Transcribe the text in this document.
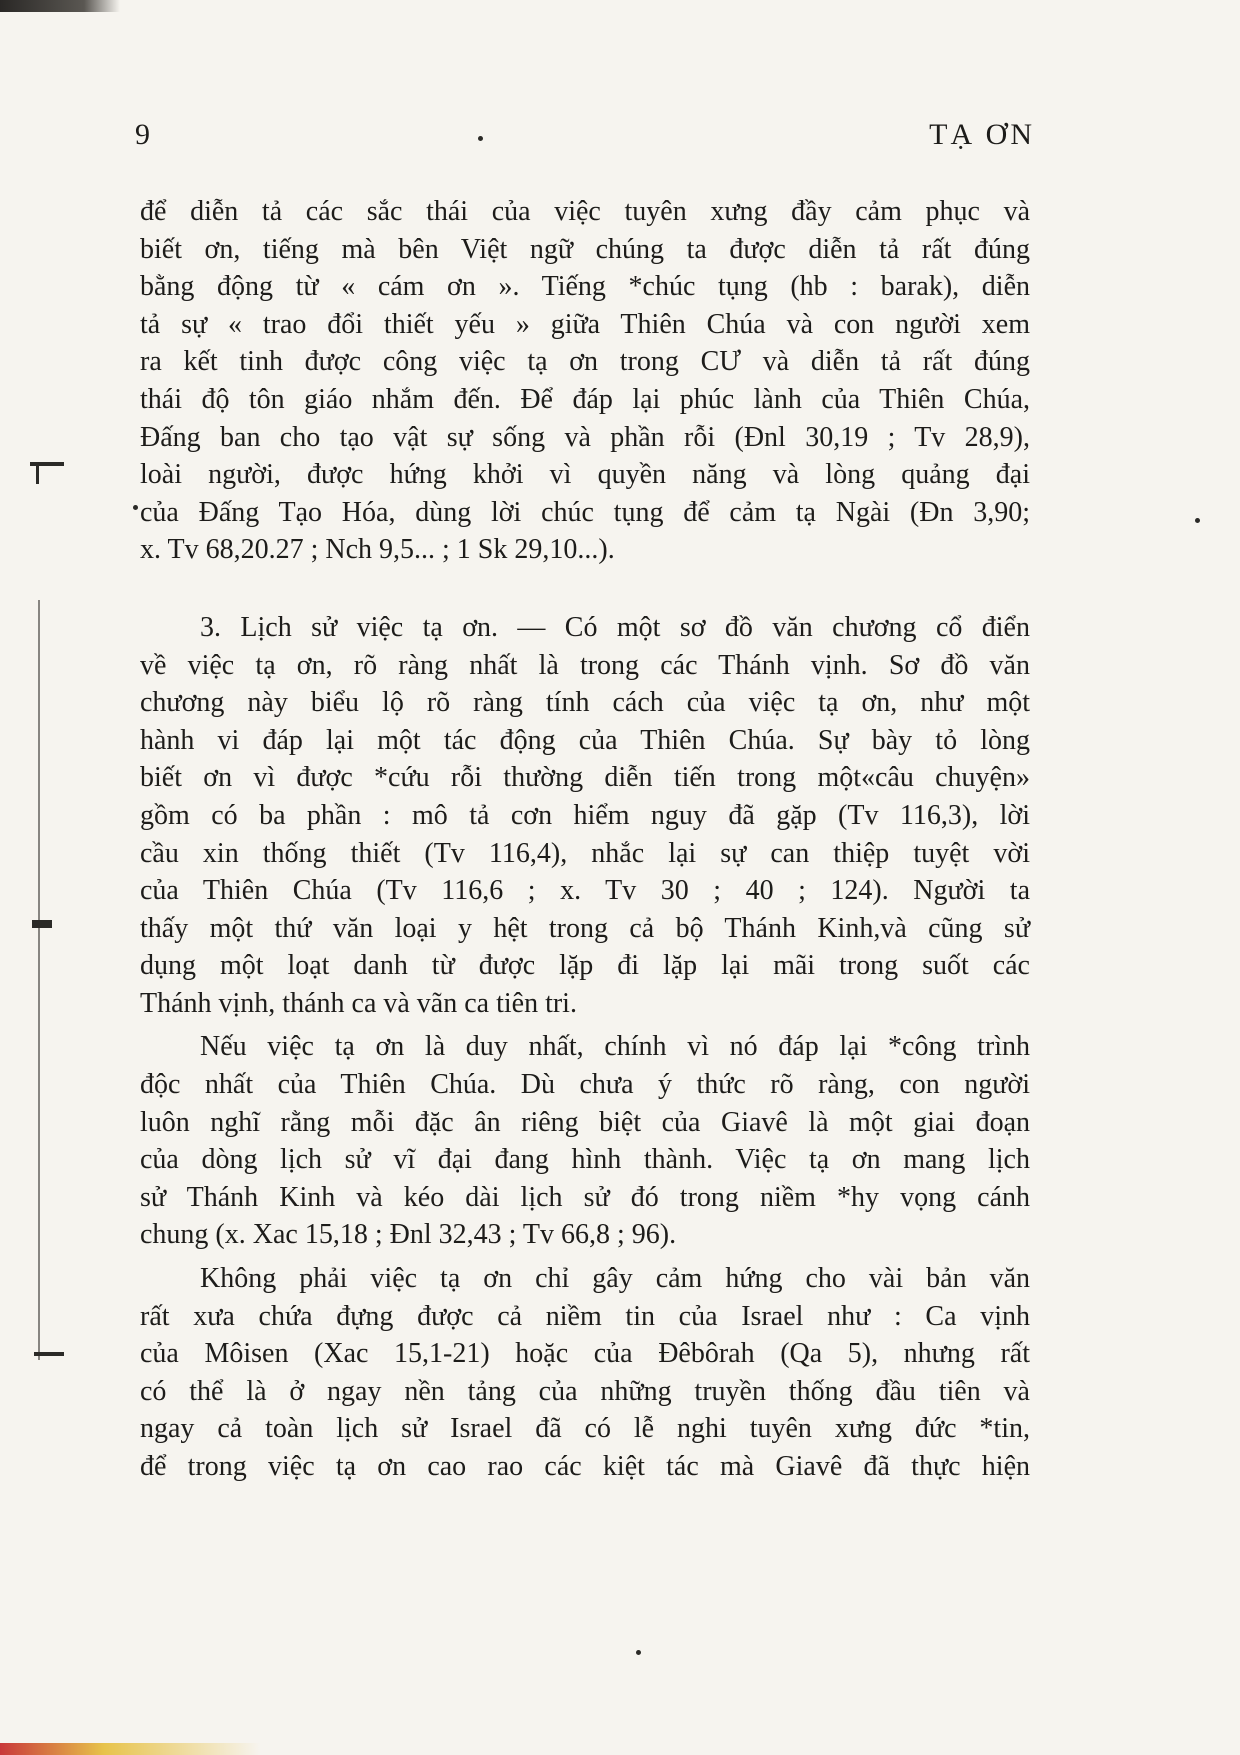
9	TẠ ƠN
để diễn tả các sắc thái của việc tuyên xưng đầy cảm phục và
biết ơn, tiếng mà bên Việt ngữ chúng ta được diễn tả rất đúng
bằng động từ « cám ơn ». Tiếng *chúc tụng (hb : barak), diễn
tả sự « trao đổi thiết yếu » giữa Thiên Chúa và con người xem
ra kết tinh được công việc tạ ơn trong CƯ và diễn tả rất đúng
thái độ tôn giáo nhắm đến. Để đáp lại phúc lành của Thiên Chúa,
Đấng ban cho tạo vật sự sống và phần rỗi (Đnl 30,19 ; Tv 28,9),
loài người, được hứng khởi vì quyền năng và lòng quảng đại
của Đấng Tạo Hóa, dùng lời chúc tụng để cảm tạ Ngài (Đn 3,90;
x. Tv 68,20.27 ; Nch 9,5... ; 1 Sk 29,10...).
3. Lịch sử việc tạ ơn. — Có một sơ đồ văn chương cổ điển
về việc tạ ơn, rõ ràng nhất là trong các Thánh vịnh. Sơ đồ văn
chương này biểu lộ rõ ràng tính cách của việc tạ ơn, như một
hành vi đáp lại một tác động của Thiên Chúa. Sự bày tỏ lòng
biết ơn vì được *cứu rỗi thường diễn tiến trong một«câu chuyện»
gồm có ba phần : mô tả cơn hiểm nguy đã gặp (Tv 116,3), lời
cầu xin thống thiết (Tv 116,4), nhắc lại sự can thiệp tuyệt vời
của Thiên Chúa (Tv 116,6 ; x. Tv 30 ; 40 ; 124). Người ta
thấy một thứ văn loại y hệt trong cả bộ Thánh Kinh,và cũng sử
dụng một loạt danh từ được lặp đi lặp lại mãi trong suốt các
Thánh vịnh, thánh ca và vãn ca tiên tri.
Nếu việc tạ ơn là duy nhất, chính vì nó đáp lại *công trình
độc nhất của Thiên Chúa. Dù chưa ý thức rõ ràng, con người
luôn nghĩ rằng mỗi đặc ân riêng biệt của Giavê là một giai đoạn
của dòng lịch sử vĩ đại đang hình thành. Việc tạ ơn mang lịch
sử Thánh Kinh và kéo dài lịch sử đó trong niềm *hy vọng cánh
chung (x. Xac 15,18 ; Đnl 32,43 ; Tv 66,8 ; 96).
Không phải việc tạ ơn chỉ gây cảm hứng cho vài bản văn
rất xưa chứa đựng được cả niềm tin của Israel như : Ca vịnh
của Môisen (Xac 15,1-21) hoặc của Đêbôrah (Qa 5), nhưng rất
có thể là ở ngay nền tảng của những truyền thống đầu tiên và
ngay cả toàn lịch sử Israel đã có lễ nghi tuyên xưng đức *tin,
để trong việc tạ ơn cao rao các kiệt tác mà Giavê đã thực hiện
